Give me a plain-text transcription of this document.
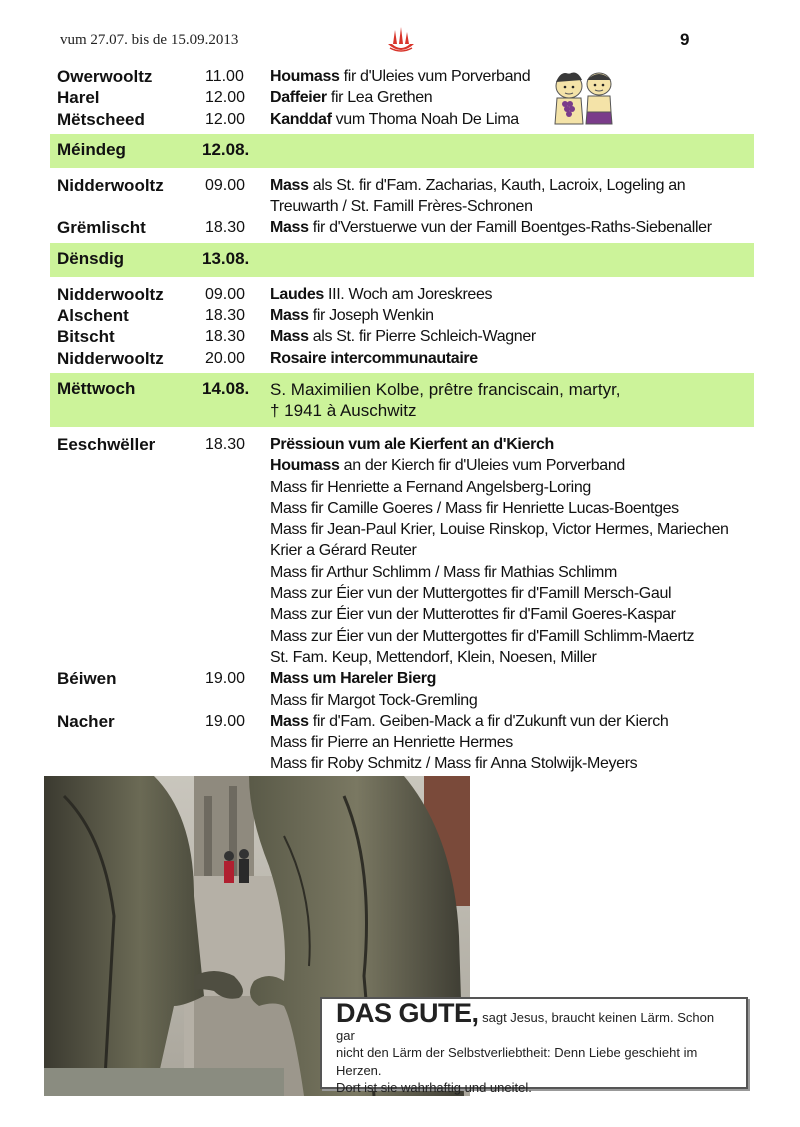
vum 27.07. bis de 15.09.2013	9
Owerwooltz	11.00 Houmass fir d'Uleies vum Porverband
Harel	12.00 Daffeier fir Lea Grethen
Mëtscheed	12.00 Kanddaf vum Thoma Noah De Lima
Méindeg	12.08.
Nidderwooltz	09.00 Mass als St. fir d'Fam. Zacharias, Kauth, Lacroix, Logeling an
Treuwarth / St. Famill Frères-Schronen
Grëmlischt	18.30 Mass fir d'Verstuerwe vun der Famill Boentges-Raths-Siebenaller
Dënsdig	13.08.
Nidderwooltz	09.00 Laudes III. Woch am Joreskrees
Alschent	18.30 Mass fir Joseph Wenkin
Bitscht	18.30 Mass als St. fir Pierre Schleich-Wagner
Nidderwooltz	20.00 Rosaire intercommunautaire
Mëttwoch	14.08. S. Maximilien Kolbe, prêtre franciscain, martyr,
† 1941 à Auschwitz
Eeschwëller	18.30 Prëssioun vum ale Kierfent an d'Kierch
Houmass an der Kierch fir d'Uleies vum Porverband
Mass fir Henriette a Fernand Angelsberg-Loring
Mass fir Camille Goeres / Mass fir Henriette Lucas-Boentges
Mass fir Jean-Paul Krier, Louise Rinskop, Victor Hermes, Mariechen
Krier a Gérard Reuter
Mass fir Arthur Schlimm / Mass fir Mathias Schlimm
Mass zur Éier vun der Muttergottes fir d'Famill Mersch-Gaul
Mass zur Éier vun der Mutterottes fir d'Famil Goeres-Kaspar
Mass zur Éier vun der Muttergottes fir d'Famill Schlimm-Maertz
St. Fam. Keup, Mettendorf, Klein, Noesen, Miller
Béiwen	19.00 Mass um Hareler Bierg
Mass fir Margot Tock-Gremling
Nacher	19.00 Mass fir d'Fam. Geiben-Mack a fir d'Zukunft vun der Kierch
Mass fir Pierre an Henriette Hermes
Mass fir Roby Schmitz / Mass fir Anna Stolwijk-Meyers
DAS GUTE, sagt Jesus, braucht keinen Lärm. Schon gar
nicht den Lärm der Selbstverliebtheit: Denn Liebe geschieht im Herzen.
Dort ist sie wahrhaftig und uneitel.
